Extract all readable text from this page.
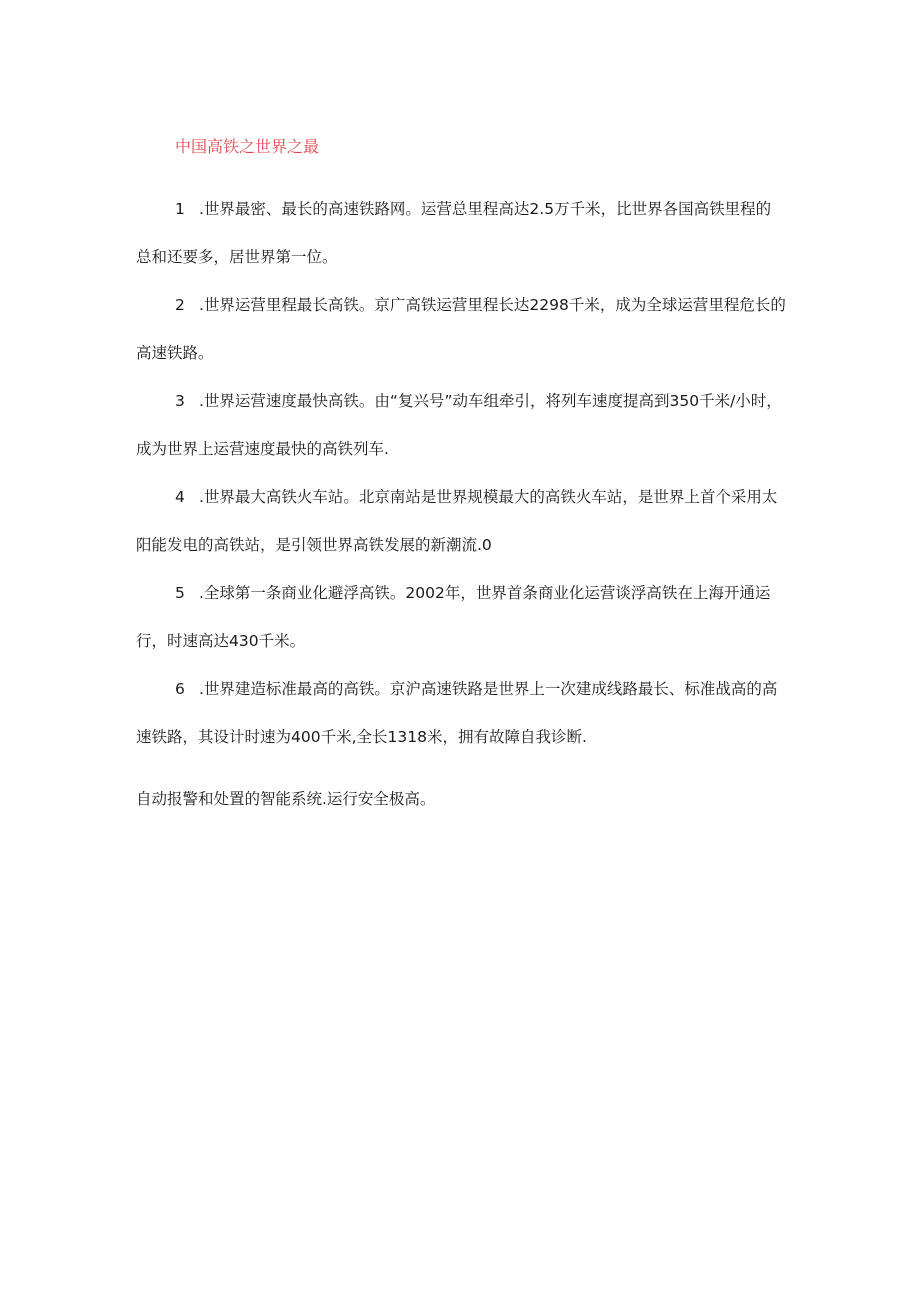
中国高铁之世界之最

1 .世界最密、最长的高速铁路网。运营总里程高达2.5万千米，比世界各国高铁里程的总和还要多，居世界第一位。

2 .世界运营里程最长高铁。京广高铁运营里程长达2298千米，成为全球运营里程危长的高速铁路。

3 .世界运营速度最快高铁。由“复兴号”动车组牵引，将列车速度提高到350千米/小时，成为世界上运营速度最快的高铁列车.

4 .世界最大高铁火车站。北京南站是世界规模最大的高铁火车站，是世界上首个采用太阳能发电的高铁站，是引领世界高铁发展的新潮流.0

5 .全球第一条商业化避浮高铁。2002年，世界首条商业化运营谈浮高铁在上海开通运行，时速高达430千米。

6 .世界建造标准最高的高铁。京沪高速铁路是世界上一次建成线路最长、标准战高的高速铁路，其设计时速为400千米,全长1318米，拥有故障自我诊断.

自动报警和处置的智能系统.运行安全极高。
